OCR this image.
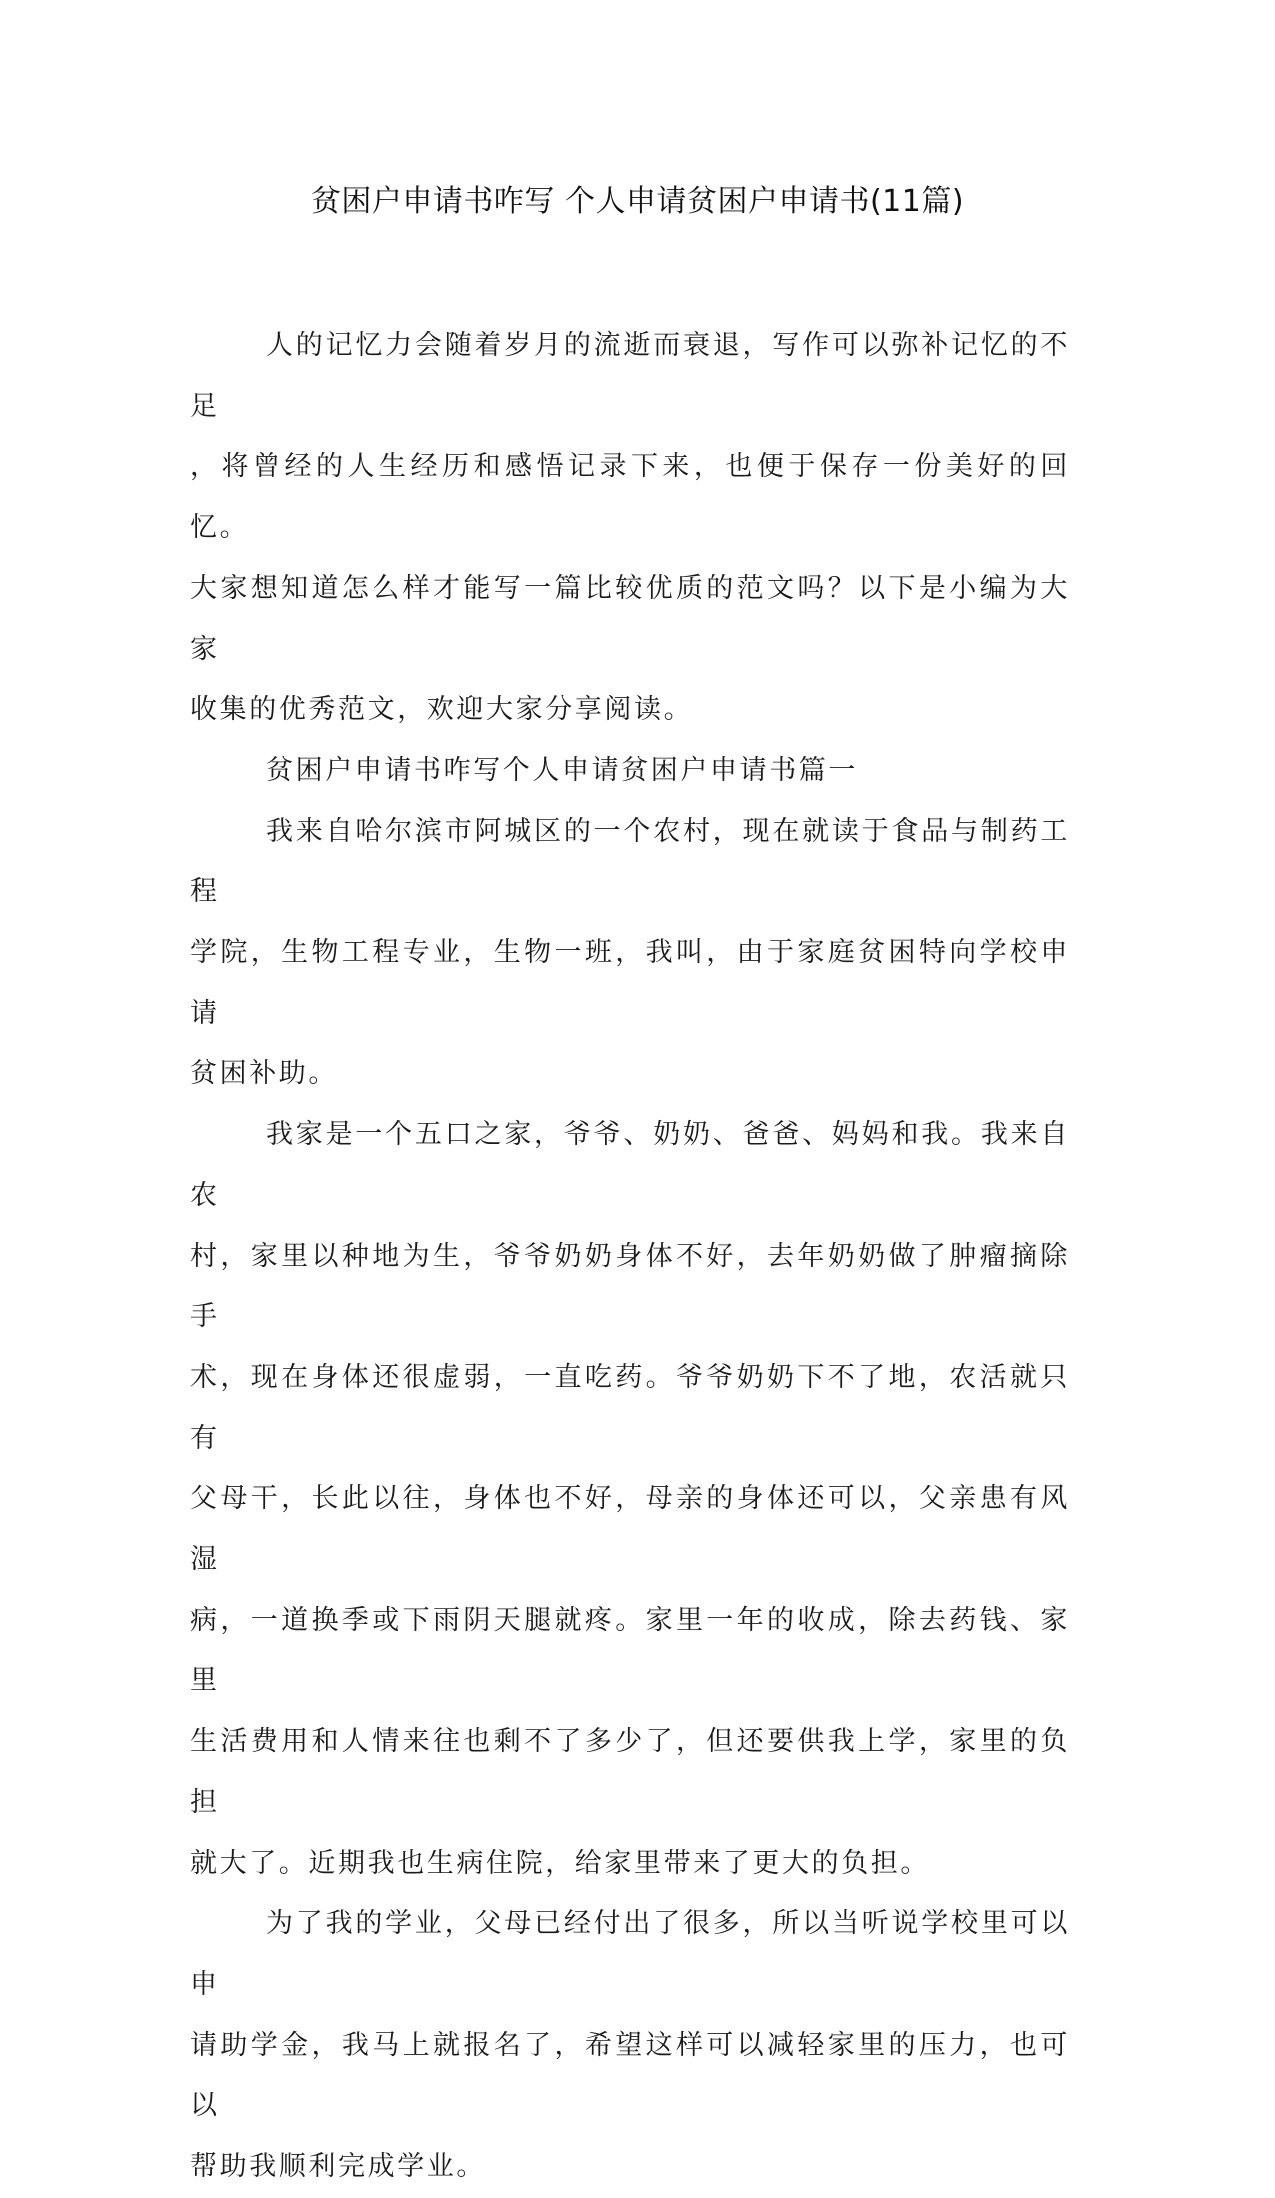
贫困户申请书咋写 个人申请贫困户申请书(11篇)

人的记忆力会随着岁月的流逝而衰退，写作可以弥补记忆的不足
，将曾经的人生经历和感悟记录下来，也便于保存一份美好的回忆。
大家想知道怎么样才能写一篇比较优质的范文吗？以下是小编为大家
收集的优秀范文，欢迎大家分享阅读。

贫困户申请书咋写个人申请贫困户申请书篇一

我来自哈尔滨市阿城区的一个农村，现在就读于食品与制药工程
学院，生物工程专业，生物一班，我叫，由于家庭贫困特向学校申请
贫困补助。

我家是一个五口之家，爷爷、奶奶、爸爸、妈妈和我。我来自农
村，家里以种地为生，爷爷奶奶身体不好，去年奶奶做了肿瘤摘除手
术，现在身体还很虚弱，一直吃药。爷爷奶奶下不了地，农活就只有
父母干，长此以往，身体也不好，母亲的身体还可以，父亲患有风湿
病，一道换季或下雨阴天腿就疼。家里一年的收成，除去药钱、家里
生活费用和人情来往也剩不了多少了，但还要供我上学，家里的负担
就大了。近期我也生病住院，给家里带来了更大的负担。

为了我的学业，父母已经付出了很多，所以当听说学校里可以申
请助学金，我马上就报名了，希望这样可以减轻家里的压力，也可以
帮助我顺利完成学业。
